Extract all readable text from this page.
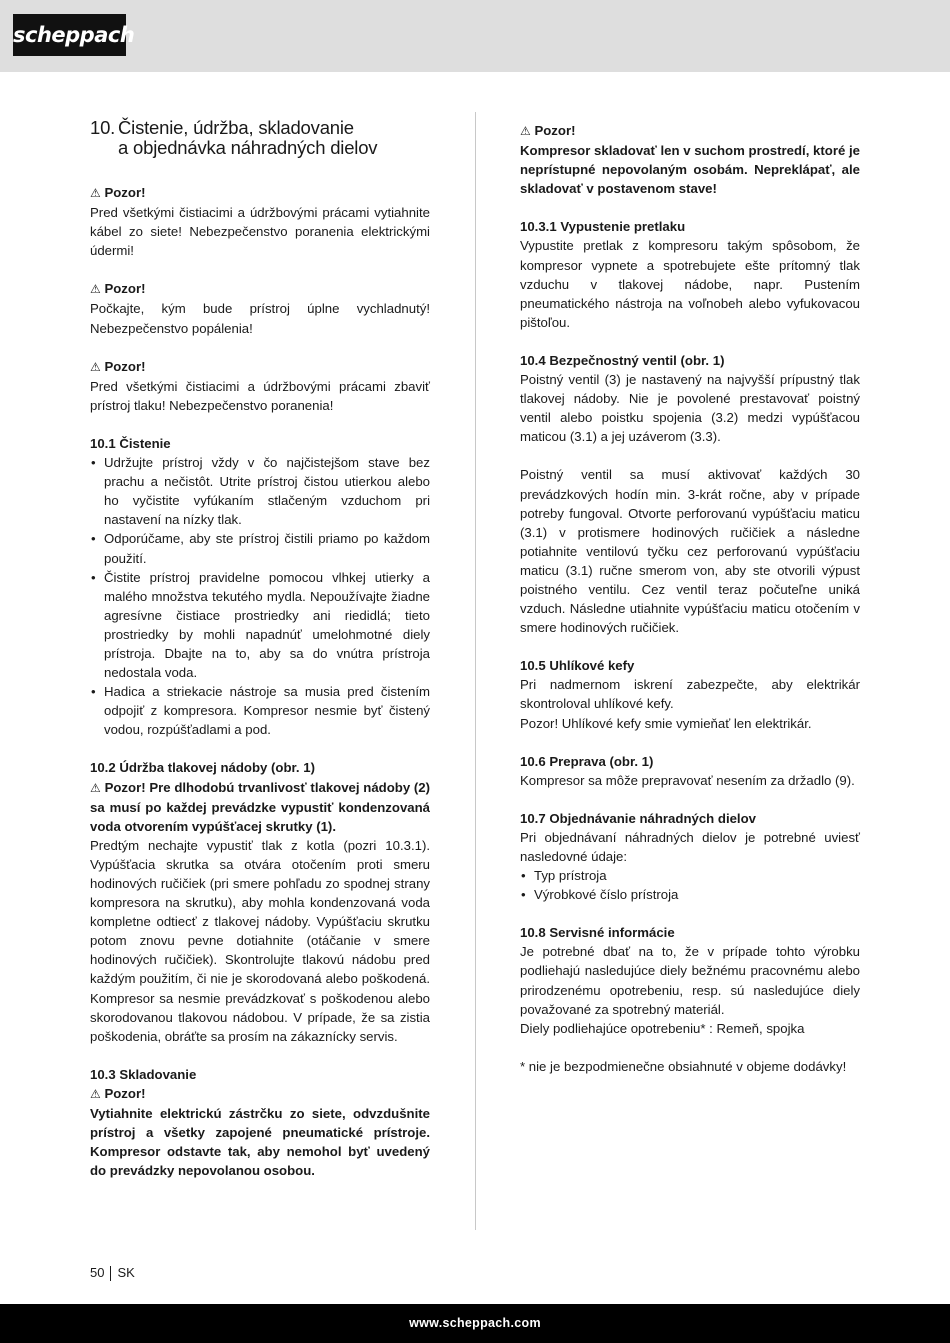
scheppach
10. Čistenie, údržba, skladovanie
a objednávka náhradných dielov
⚠ Pozor!

Pred všetkými čistiacimi a údržbovými prácami vytiahnite kábel zo siete! Nebezpečenstvo poranenia elektrickými údermi!

⚠ Pozor!

Počkajte, kým bude prístroj úplne vychladnutý! Nebezpečenstvo popálenia!

⚠ Pozor!

Pred všetkými čistiacimi a údržbovými prácami zbaviť prístroj tlaku! Nebezpečenstvo poranenia!

10.1 Čistenie
• Udržujte prístroj vždy v čo najčistejšom stave bez prachu a nečistôt. Utrite prístroj čistou utierkou alebo ho vyčistite vyfúkaním stlačeným vzduchom pri nastavení na nízky tlak.
• Odporúčame, aby ste prístroj čistili priamo po každom použití.
• Čistite prístroj pravidelne pomocou vlhkej utierky a malého množstva tekutého mydla. Nepoužívajte žiadne agresívne čistiace prostriedky ani riedidlá; tieto prostriedky by mohli napadnúť umelohmotné diely prístroja. Dbajte na to, aby sa do vnútra prístroja nedostala voda.
• Hadica a striekacie nástroje sa musia pred čistením odpojiť z kompresora. Kompresor nesmie byť čistený vodou, rozpúšťadlami a pod.
10.2 Údržba tlakovej nádoby (obr. 1)

⚠ Pozor! Pre dlhodobú trvanlivosť tlakovej nádoby (2) sa musí po každej prevádzke vypustiť kondenzovaná voda otvorením vypúšťacej skrutky (1).

Predtým nechajte vypustiť tlak z kotla (pozri 10.3.1). Vypúšťacia skrutka sa otvára otočením proti smeru hodinových ručičiek (pri smere pohľadu zo spodnej strany kompresora na skrutku), aby mohla kondenzovaná voda kompletne odtiecť z tlakovej nádoby. Vypúšťaciu skrutku potom znovu pevne dotiahnite (otáčanie v smere hodinových ručičiek). Skontrolujte tlakovú nádobu pred každým použitím, či nie je skorodovaná alebo poškodená. Kompresor sa nesmie prevádzkovať s poškodenou alebo skorodovanou tlakovou nádobou. V prípade, že sa zistia poškodenia, obráťte sa prosím na zákaznícky servis.

10.3 Skladovanie
⚠ Pozor!

Vytiahnite elektrickú zástrčku zo siete, odvzdušnite prístroj a všetky zapojené pneumatické prístroje. Kompresor odstavte tak, aby nemohol byť uvedený do prevádzky nepovolanou osobou.

⚠ Pozor!

Kompresor skladovať len v suchom prostredí, ktoré je neprístupné nepovolaným osobám. Nepreklápať, ale skladovať v postavenom stave!

10.3.1 Vypustenie pretlaku

Vypustite pretlak z kompresoru takým spôsobom, že kompresor vypnete a spotrebujete ešte prítomný tlak vzduchu v tlakovej nádobe, napr. Pustením pneumatického nástroja na voľnobeh alebo vyfukovacou pištoľou.

10.4 Bezpečnostný ventil (obr. 1)

Poistný ventil (3) je nastavený na najvyšší prípustný tlak tlakovej nádoby. Nie je povolené prestavovať poistný ventil alebo poistku spojenia (3.2) medzi vypúšťacou maticou (3.1) a jej uzáverom (3.3).

Poistný ventil sa musí aktivovať každých 30 prevádzkových hodín min. 3-krát ročne, aby v prípade potreby fungoval. Otvorte perforovanú vypúšťaciu maticu (3.1) v protismere hodinových ručičiek a následne potiahnite ventilovú tyčku cez perforovanú vypúšťaciu maticu (3.1) ručne smerom von, aby ste otvorili výpust poistného ventilu. Cez ventil teraz počuteľne uniká vzduch. Následne utiahnite vypúšťaciu maticu otočením v smere hodinových ručičiek.

10.5 Uhlíkové kefy

Pri nadmernom iskrení zabezpečte, aby elektrikár skontroloval uhlíkové kefy.

Pozor! Uhlíkové kefy smie vymieňať len elektrikár.

10.6 Preprava (obr. 1)

Kompresor sa môže prepravovať nesením za držadlo (9).

10.7 Objednávanie náhradných dielov

Pri objednávaní náhradných dielov je potrebné uviesť nasledovné údaje:

• Typ prístroja
• Výrobkové číslo prístroja
10.8 Servisné informácie

Je potrebné dbať na to, že v prípade tohto výrobku podliehajú nasledujúce diely bežnému pracovnému alebo prirodzenému opotrebeniu, resp. sú nasledujúce diely považované za spotrebný materiál.

Diely podliehajúce opotrebeniu* : Remeň, spojka

* nie je bezpodmienečne obsiahnuté v objeme dodávky!

50 SK
www.scheppach.com
